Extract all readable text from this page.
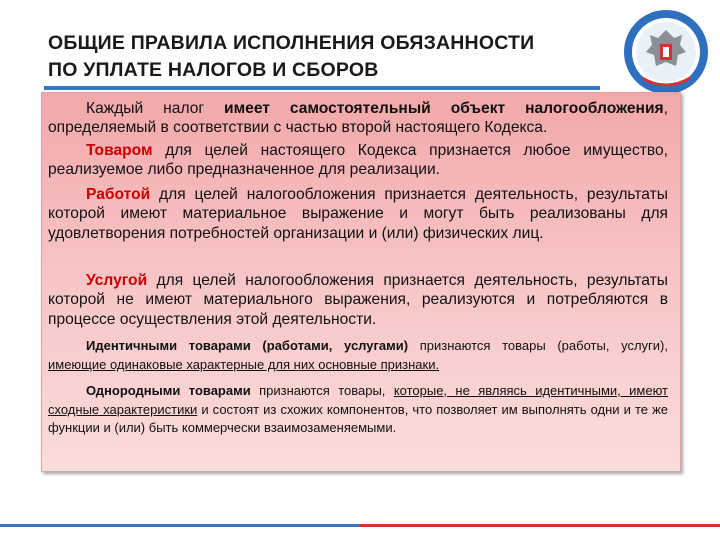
ОБЩИЕ ПРАВИЛА ИСПОЛНЕНИЯ ОБЯЗАННОСТИ
ПО УПЛАТЕ НАЛОГОВ И СБОРОВ
Каждый налог имеет самостоятельный объект налогообложения, определяемый в соответствии с частью второй настоящего Кодекса.
Товаром для целей настоящего Кодекса признается любое имущество, реализуемое либо предназначенное для реализации.
Работой для целей налогообложения признается деятельность, результаты которой имеют материальное выражение и могут быть реализованы для удовлетворения потребностей организации и (или) физических лиц.
Услугой для целей налогообложения признается деятельность, результаты которой не имеют материального выражения, реализуются и потребляются в процессе осуществления этой деятельности.
Идентичными товарами (работами, услугами) признаются товары (работы, услуги), имеющие одинаковые характерные для них основные признаки.
Однородными товарами признаются товары, которые, не являясь идентичными, имеют сходные характеристики и состоят из схожих компонентов, что позволяет им выполнять одни и те же функции и (или) быть коммерчески взаимозаменяемыми.
